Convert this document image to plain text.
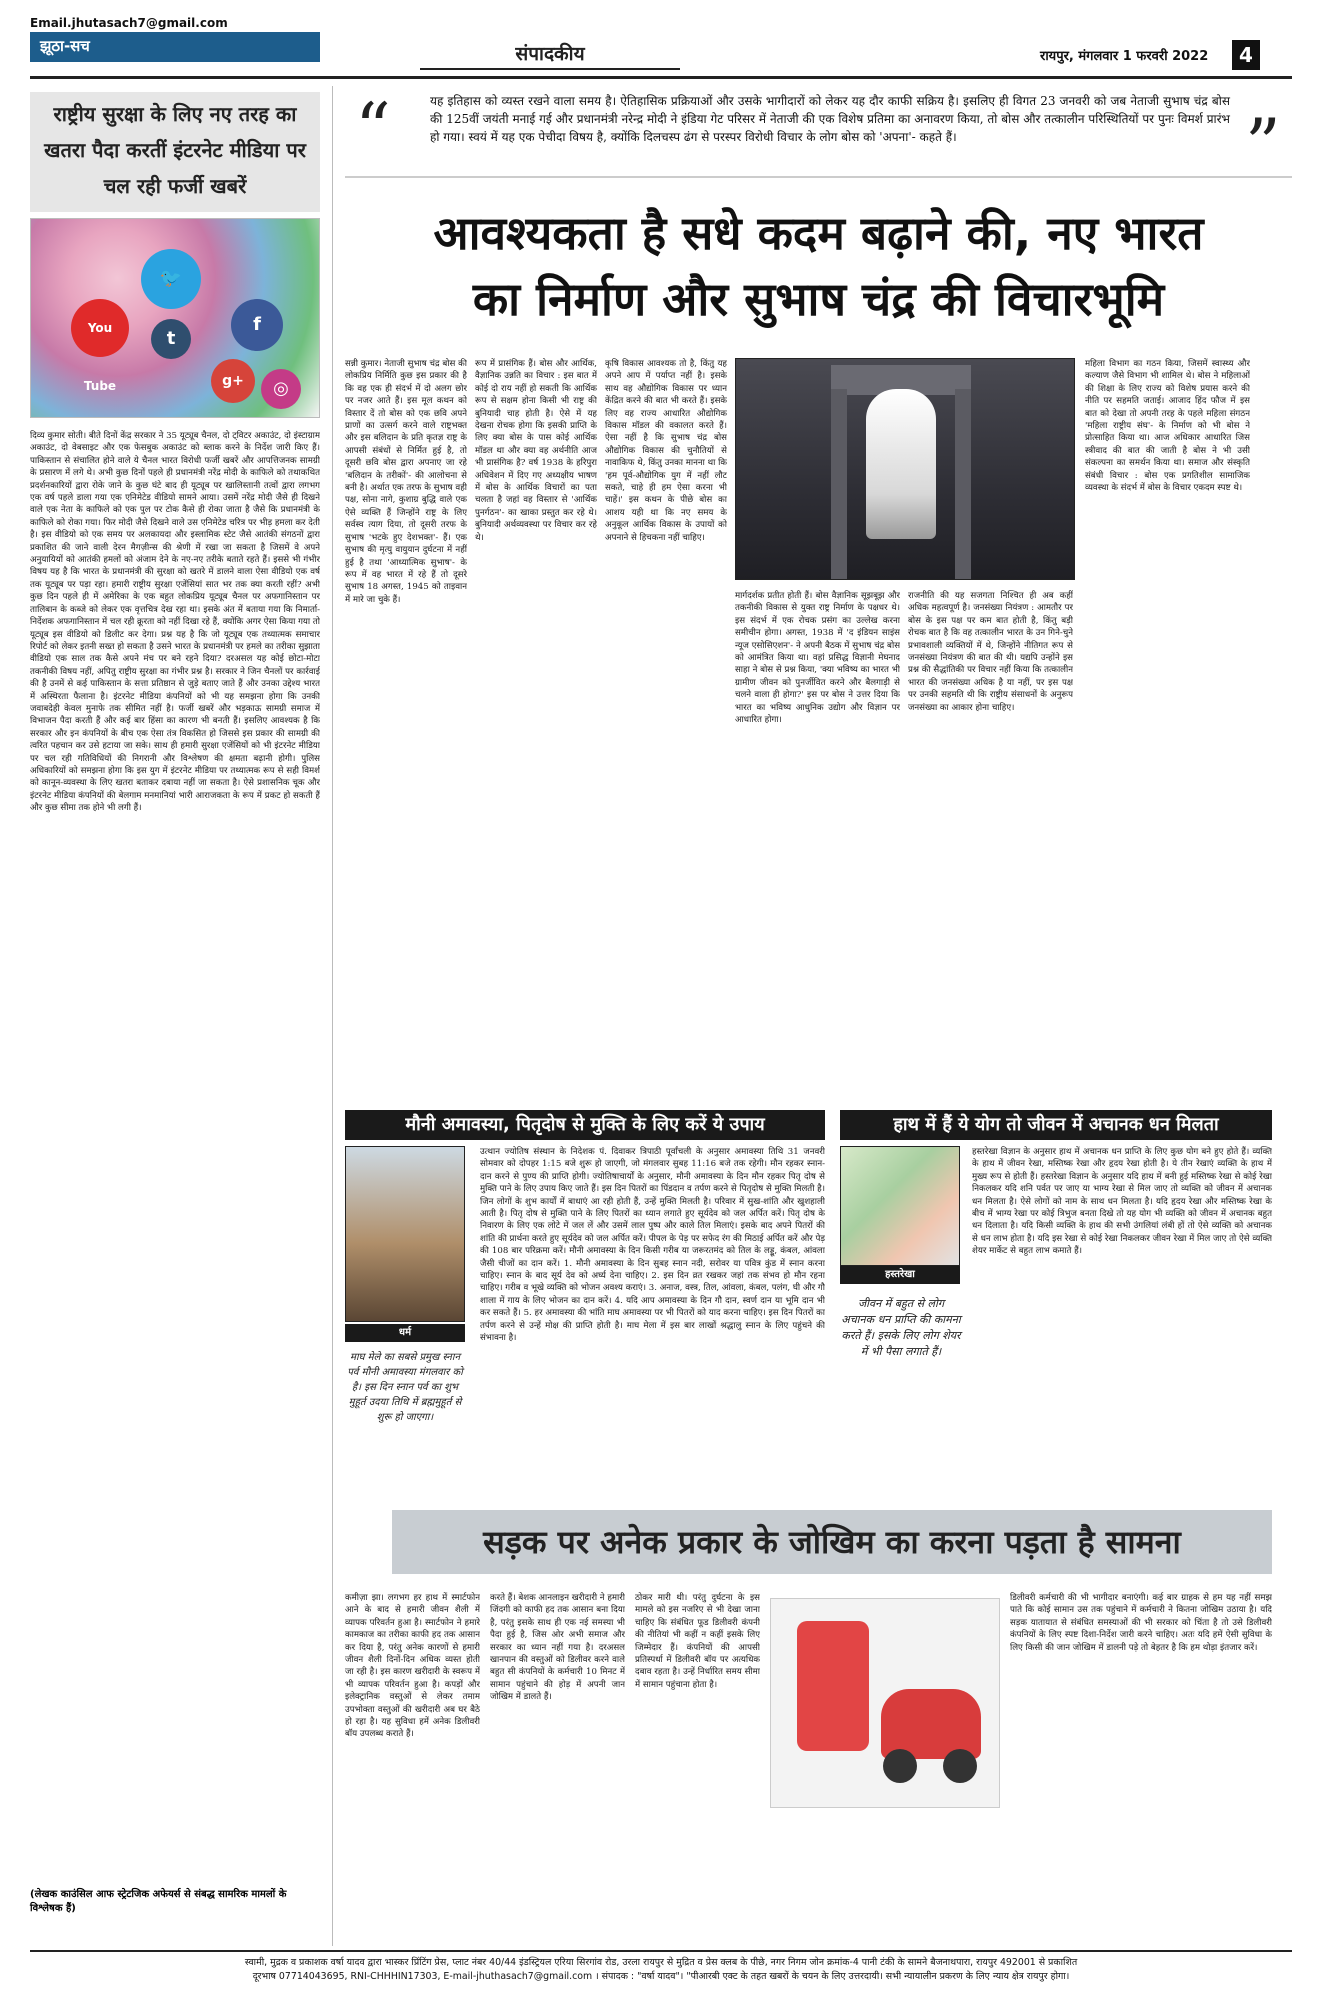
Email.jhutasach7@gmail.com
झूठा-सच	संपादकीय	रायपुर, मंगलवार 1 फरवरी 2022	4
राष्ट्रीय सुरक्षा के लिए नए तरह का खतरा पैदा करतीं इंटरनेट मीडिया पर चल रही फर्जी खबरें
🐦
f
You Tube
t
g+	◎
दिव्य कुमार सोती। बीते दिनों केंद्र सरकार ने 35 यूट्यूब चैनल, दो ट्विटर अकाउंट, दो इंस्टाग्राम अकाउंट, दो वेबसाइट और एक फेसबुक अकाउंट को ब्लाक करने के निर्देश जारी किए हैं। पाकिस्तान से संचालित होने वाले ये चैनल भारत विरोधी फर्जी खबरें और आपत्तिजनक सामग्री के प्रसारण में लगे थे। अभी कुछ दिनों पहले ही प्रधानमंत्री नरेंद्र मोदी के काफिले को तथाकथित प्रदर्शनकारियों द्वारा रोके जाने के कुछ घंटे बाद ही यूट्यूब पर खालिस्तानी तत्वों द्वारा लगभग एक वर्ष पहले डाला गया एक एनिमेटेड वीडियो सामने आया। उसमें नरेंद्र मोदी जैसे ही दिखने वाले एक नेता के काफिले को एक पुल पर टोक कैसे ही रोका जाता है जैसे कि प्रधानमंत्री के काफिले को रोका गया। फिर मोदी जैसे दिखने वाले उस एनिमेटेड चरित्र पर भीड़ हमला कर देती है। इस वीडियो को एक समय पर अलकायदा और इस्लामिक स्टेट जैसे आतंकी संगठनों द्वारा प्रकाशित की जाने वाली देरन मैगज़ीन्स की श्रेणी में रखा जा सकता है जिसमें वे अपने अनुयायियों को आतंकी हमलों को अंजाम देने के नए-नए तरीके बताते रहते हैं। इससे भी गंभीर विषय यह है कि भारत के प्रधानमंत्री की सुरक्षा को खतरे में डालने वाला ऐसा वीडियो एक वर्ष तक यूट्यूब पर पड़ा रहा। हमारी राष्ट्रीय सुरक्षा एजेंसियां सात भर तक क्या करती रहीं? अभी कुछ दिन पहले ही में अमेरिका के एक बहुत लोकप्रिय यूट्यूब चैनल पर अफगानिस्तान पर तालिबान के कब्जे को लेकर एक वृत्तचित्र देख रहा था। इसके अंत में बताया गया कि निमार्ता-निर्देशक अफगानिस्तान में चल रही क्रूरता को नहीं दिखा रहे हैं, क्योंकि अगर ऐसा किया गया तो यूट्यूब इस वीडियो को डिलीट कर देगा। प्रश्न यह है कि जो यूट्यूब एक तथ्यात्मक समाचार रिपोर्ट को लेकर इतनी सख्त हो सकता है उसने भारत के प्रधानमंत्री पर हमले का तरीका सुझाता वीडियो एक साल तक कैसे अपने मंच पर बने रहने दिया? दरअसल यह कोई छोटा-मोटा तकनीकी विषय नहीं, अपितु राष्ट्रीय सुरक्षा का गंभीर प्रश्न है। सरकार ने जिन चैनलों पर कार्रवाई की है उनमें से कई पाकिस्तान के सत्ता प्रतिष्ठान से जुड़े बताए जाते हैं और उनका उद्देश्य भारत में अस्थिरता फैलाना है। इंटरनेट मीडिया कंपनियों को भी यह समझना होगा कि उनकी जवाबदेही केवल मुनाफे तक सीमित नहीं है। फर्जी खबरें और भड़काऊ सामग्री समाज में विभाजन पैदा करती हैं और कई बार हिंसा का कारण भी बनती हैं। इसलिए आवश्यक है कि सरकार और इन कंपनियों के बीच एक ऐसा तंत्र विकसित हो जिससे इस प्रकार की सामग्री की त्वरित पहचान कर उसे हटाया जा सके। साथ ही हमारी सुरक्षा एजेंसियों को भी इंटरनेट मीडिया पर चल रही गतिविधियों की निगरानी और विश्लेषण की क्षमता बढ़ानी होगी। पुलिस अधिकारियों को समझना होगा कि इस युग में इंटरनेट मीडिया पर तथ्यात्मक रूप से सही विमर्श को कानून-व्यवस्था के लिए खतरा बताकर दबाया नहीं जा सकता है। ऐसे प्रशासनिक चूक और इंटरनेट मीडिया कंपनियों की बेलगाम मनमानियां भारी आराजकता के रूप में प्रकट हो सकती हैं और कुछ सीमा तक होने भी लगी हैं।
(लेखक काउंसिल आफ स्ट्रेटजिक अफेयर्स से संबद्ध सामरिक मामलों के विश्लेषक हैं)
“	”
यह इतिहास को व्यस्त रखने वाला समय है। ऐतिहासिक प्रक्रियाओं और उसके भागीदारों को लेकर यह दौर काफी सक्रिय है। इसलिए ही विगत 23 जनवरी को जब नेताजी सुभाष चंद्र बोस की 125वीं जयंती मनाई गई और प्रधानमंत्री नरेन्द्र मोदी ने इंडिया गेट परिसर में नेताजी की एक विशेष प्रतिमा का अनावरण किया, तो बोस और तत्कालीन परिस्थितियों पर पुनः विमर्श प्रारंभ हो गया। स्वयं में यह एक पेचीदा विषय है, क्योंकि दिलचस्प ढंग से परस्पर विरोधी विचार के लोग बोस को 'अपना'- कहते हैं।
आवश्यकता है सधे कदम बढ़ाने की, नए भारत
का निर्माण और सुभाष चंद्र की विचारभूमि
सन्नी कुमार। नेताजी सुभाष चंद्र बोस की लोकप्रिय निर्मिति कुछ इस प्रकार की है कि वह एक ही संदर्भ में दो अलग छोर पर नजर आते हैं। इस मूल कथन को विस्तार दें तो बोस को एक छवि अपने प्राणों का उत्सर्ग करने वाले राष्ट्रभक्त और इस बलिदान के प्रति कृतज्ञ राष्ट्र के आपसी संबंधों से निर्मित हुई है, तो दूसरी छवि बोस द्वारा अपनाए जा रहे 'बलिदान के तरीकों'- की आलोचना से बनी है। अर्थात एक तरफ के सुभाष वही पक्ष, सोना नागे, कुशाग्र बुद्धि वाले एक ऐसे व्यक्ति हैं जिन्होंने राष्ट्र के लिए सर्वस्व त्याग दिया, तो दूसरी तरफ के सुभाष 'भटके हुए देशभक्त'- हैं। एक सुभाष की मृत्यु वायुयान दुर्घटना में नहीं हुई है तथा 'आध्यात्मिक सुभाष'- के रूप में वह भारत में रहे हैं तो दूसरे सुभाष 18 अगस्त, 1945 को ताइवान में मारे जा चुके हैं।
रूप में प्रासंगिक हैं। बोस और आर्थिक, वैज्ञानिक उन्नति का विचार : इस बात में कोई दो राय नहीं हो सकती कि आर्थिक रूप से सक्षम होना किसी भी राष्ट्र की बुनियादी चाह होती है। ऐसे में यह देखना रोचक होगा कि इसकी प्राप्ति के लिए क्या बोस के पास कोई आर्थिक मॉडल था और क्या वह अर्थनीति आज भी प्रासंगिक है? वर्ष 1938 के हरिपुरा अधिवेशन में दिए गए अध्यक्षीय भाषण में बोस के आर्थिक विचारों का पता चलता है जहां वह विस्तार से 'आर्थिक पुनर्गठन'- का खाका प्रस्तुत कर रहे थे। बुनियादी अर्थव्यवस्था पर विचार कर रहे थे।
कृषि विकास आवश्यक तो है, किंतु यह अपने आप में पर्याप्त नहीं है। इसके साथ वह औद्योगिक विकास पर ध्यान केंद्रित करने की बात भी करते हैं। इसके लिए वह राज्य आधारित औद्योगिक विकास मॉडल की वकालत करते हैं। ऐसा नहीं है कि सुभाष चंद्र बोस औद्योगिक विकास की चुनौतियों से नावाकिफ थे, किंतु उनका मानना था कि 'हम पूर्व-औद्योगिक युग में नहीं लौट सकते, चाहे ही हम ऐसा करना भी चाहें।' इस कथन के पीछे बोस का आशय यही था कि नए समय के अनुकूल आर्थिक विकास के उपायों को अपनाने से हिचकना नहीं चाहिए।
मार्गदर्शक प्रतीत होती हैं। बोस वैज्ञानिक सूझबूझ और तकनीकी विकास से युक्त राष्ट्र निर्माण के पक्षधर थे। इस संदर्भ में एक रोचक प्रसंग का उल्लेख करना समीचीन होगा। अगस्त, 1938 में 'द इंडियन साइंस न्यूज एसोसिएशन'- ने अपनी बैठक में सुभाष चंद्र बोस को आमंत्रित किया था। वहां प्रसिद्ध विज्ञानी मेघनाद साहा ने बोस से प्रश्न किया, 'क्या भविष्य का भारत भी ग्रामीण जीवन को पुनर्जीवित करने और बैलगाड़ी से चलने वाला ही होगा?' इस पर बोस ने उत्तर दिया कि भारत का भविष्य आधुनिक उद्योग और विज्ञान पर आधारित होगा।
राजनीति की यह सजगता निश्चित ही अब कहीं अधिक महत्वपूर्ण है। जनसंख्या नियंत्रण : आमतौर पर बोस के इस पक्ष पर कम बात होती है, किंतु बड़ी रोचक बात है कि वह तत्कालीन भारत के उन गिने-चुने प्रभावशाली व्यक्तियों में थे, जिन्होंने नीतिगत रूप से जनसंख्या नियंत्रण की बात की थी। यद्यपि उन्होंने इस प्रश्न की सैद्धांतिकी पर विचार नहीं किया कि तत्कालीन भारत की जनसंख्या अधिक है या नहीं, पर इस पक्ष पर उनकी सहमति थी कि राष्ट्रीय संसाधनों के अनुरूप जनसंख्या का आकार होना चाहिए।
महिला विभाग का गठन किया, जिसमें स्वास्थ्य और कल्याण जैसे विभाग भी शामिल थे। बोस ने महिलाओं की शिक्षा के लिए राज्य को विशेष प्रयास करने की नीति पर सहमति जताई। आजाद हिंद फौज में इस बात को देखा तो अपनी तरह के पहले महिला संगठन 'महिला राष्ट्रीय संघ'- के निर्माण को भी बोस ने प्रोत्साहित किया था। आज अधिकार आधारित जिस स्त्रीवाद की बात की जाती है बोस ने भी उसी संकल्पना का समर्थन किया था। समाज और संस्कृति संबंधी विचार : बोस एक प्रगतिशील सामाजिक व्यवस्था के संदर्भ में बोस के विचार एकदम स्पष्ट थे।
मौनी अमावस्या, पितृदोष से मुक्ति के लिए करें ये उपाय
धर्म
माघ मेले का सबसे प्रमुख स्नान पर्व मौनी अमावस्या मंगलवार को है। इस दिन स्नान पर्व का शुभ मुहूर्त उदया तिथि में ब्रह्ममुहूर्त से शुरू हो जाएगा।
उत्थान ज्योतिष संस्थान के निदेशक पं. दिवाकर त्रिपाठी पूर्वांचली के अनुसार अमावस्या तिथि 31 जनवरी सोमवार को दोपहर 1:15 बजे शुरू हो जाएगी, जो मंगलवार सुबह 11:16 बजे तक रहेगी। मौन रहकर स्नान-दान करने से पुण्य की प्राप्ति होगी। ज्योतिषाचार्यों के अनुसार, मौनी अमावस्या के दिन मौन रहकर पितृ दोष से मुक्ति पाने के लिए उपाय किए जाते हैं। इस दिन पितरों का पिंडदान व तर्पण करने से पितृदोष से मुक्ति मिलती है। जिन लोगों के शुभ कार्यों में बाधाएं आ रही होती हैं, उन्हें मुक्ति मिलती है। परिवार में सुख-शांति और खुशहाली आती है। पितृ दोष से मुक्ति पाने के लिए पितरों का ध्यान लगाते हुए सूर्यदेव को जल अर्पित करें। पितृ दोष के निवारण के लिए एक लोटे में जल लें और उसमें लाल पुष्प और काले तिल मिलाएं। इसके बाद अपने पितरों की शांति की प्रार्थना करते हुए सूर्यदेव को जल अर्पित करें। पीपल के पेड़ पर सफेद रंग की मिठाई अर्पित करें और पेड़ की 108 बार परिक्रमा करें। मौनी अमावस्या के दिन किसी गरीब या जरूरतमंद को तिल के लड्डू, कंबल, आंवला जैसी चीजों का दान करें। 1. मौनी अमावस्या के दिन सुबह स्नान नदी, सरोवर या पवित्र कुंड में स्नान करना चाहिए। स्नान के बाद सूर्य देव को अर्घ्य देना चाहिए। 2. इस दिन व्रत रखकर जहां तक संभव हो मौन रहना चाहिए। गरीब व भूखे व्यक्ति को भोजन अवश्य कराएं। 3. अनाज, वस्त्र, तिल, आंवला, कंबल, पलंग, घी और गौ शाला में गाय के लिए भोजन का दान करें। 4. यदि आप अमावस्या के दिन गौ दान, स्वर्ण दान या भूमि दान भी कर सकते हैं। 5. हर अमावस्या की भांति माघ अमावस्या पर भी पितरों को याद करना चाहिए। इस दिन पितरों का तर्पण करने से उन्हें मोक्ष की प्राप्ति होती है। माघ मेला में इस बार लाखों श्रद्धालु स्नान के लिए पहुंचने की संभावना है।
हाथ में हैं ये योग तो जीवन में अचानक धन मिलता
हस्तरेखा
जीवन में बहुत से लोग अचानक धन प्राप्ति की कामना करते हैं। इसके लिए लोग शेयर में भी पैसा लगाते हैं।
हस्तरेखा विज्ञान के अनुसार हाथ में अचानक धन प्राप्ति के लिए कुछ योग बने हुए होते हैं। व्यक्ति के हाथ में जीवन रेखा, मस्तिष्क रेखा और हृदय रेखा होती है। ये तीन रेखाएं व्यक्ति के हाथ में मुख्य रूप से होती हैं। हस्तरेखा विज्ञान के अनुसार यदि हाथ में बनी हुई मस्तिष्क रेखा से कोई रेखा निकलकर यदि शनि पर्वत पर जाए या भाग्य रेखा से मिल जाए तो व्यक्ति को जीवन में अचानक धन मिलता है। ऐसे लोगों को नाम के साथ धन मिलता है। यदि हृदय रेखा और मस्तिष्क रेखा के बीच में भाग्य रेखा पर कोई त्रिभुज बनता दिखे तो यह योग भी व्यक्ति को जीवन में अचानक बहुत धन दिलाता है। यदि किसी व्यक्ति के हाथ की सभी उंगलियां लंबी हों तो ऐसे व्यक्ति को अचानक से धन लाभ होता है। यदि इस रेखा से कोई रेखा निकलकर जीवन रेखा में मिल जाए तो ऐसे व्यक्ति शेयर मार्केट से बहुत लाभ कमाते हैं।
सड़क पर अनेक प्रकार के जोखिम का करना पड़ता है सामना
कमीज़ा झा। लगभग हर हाथ में स्मार्टफोन आने के बाद से हमारी जीवन शैली में व्यापक परिवर्तन हुआ है। स्मार्टफोन ने हमारे कामकाज का तरीका काफी हद तक आसान कर दिया है, परंतु अनेक कारणों से हमारी जीवन शैली दिनों-दिन अधिक व्यस्त होती जा रही है। इस कारण खरीदारी के स्वरूप में भी व्यापक परिवर्तन हुआ है। कपड़ों और इलेक्ट्रानिक वस्तुओं से लेकर तमाम उपभोक्ता वस्तुओं की खरीदारी अब घर बैठे हो रहा है। यह सुविधा हमें अनेक डिलीवरी बॉय उपलब्ध कराते हैं।
करते हैं। बेशक आनलाइन खरीदारी ने हमारी जिंदगी को काफी हद तक आसान बना दिया है, परंतु इसके साथ ही एक नई समस्या भी पैदा हुई है, जिस ओर अभी समाज और सरकार का ध्यान नहीं गया है। दरअसल खानपान की वस्तुओं को डिलीवर करने वाले बहुत सी कंपनियों के कर्मचारी 10 मिनट में सामान पहुंचाने की होड़ में अपनी जान जोखिम में डालते हैं।
ठोकर मारी थी। परंतु दुर्घटना के इस मामले को इस नजरिए से भी देखा जाना चाहिए कि संबंधित फूड डिलीवरी कंपनी की नीतियां भी कहीं न कहीं इसके लिए जिम्मेदार हैं। कंपनियों की आपसी प्रतिस्पर्धा में डिलीवरी बॉय पर अत्यधिक दबाव रहता है। उन्हें निर्धारित समय सीमा में सामान पहुंचाना होता है।
डिलीवरी कर्मचारी की भी भागीदार बनाएंगी। कई बार ग्राहक से हम यह नहीं समझ पाते कि कोई सामान उस तक पहुंचाने में कर्मचारी ने कितना जोखिम उठाया है। यदि सड़क यातायात से संबंधित समस्याओं की भी सरकार को चिंता है तो उसे डिलीवरी कंपनियों के लिए स्पष्ट दिशा-निर्देश जारी करने चाहिए। अतः यदि हमें ऐसी सुविधा के लिए किसी की जान जोखिम में डालनी पड़े तो बेहतर है कि हम थोड़ा इंतजार करें।
स्वामी, मुद्रक व प्रकाशक वर्षा यादव द्वारा भास्कर प्रिंटिंग प्रेस, प्लाट नंबर 40/44 इंडस्ट्रियल एरिया सिरगांव रोड, उरला रायपुर से मुद्रित व प्रेस क्लब के पीछे, नगर निगम जोन क्रमांक-4 पानी टंकी के सामने बैजनाथपारा, रायपुर 492001 से प्रकाशित
दूरभाष 07714043695, RNI-CHHHIN17303, E-mail-jhuthasach7@gmail.com । संपादक : "वर्षा यादव"। "पीआरबी एक्ट के तहत खबरों के चयन के लिए उत्तरदायी। सभी न्यायालीन प्रकरण के लिए न्याय क्षेत्र रायपुर होगा।
